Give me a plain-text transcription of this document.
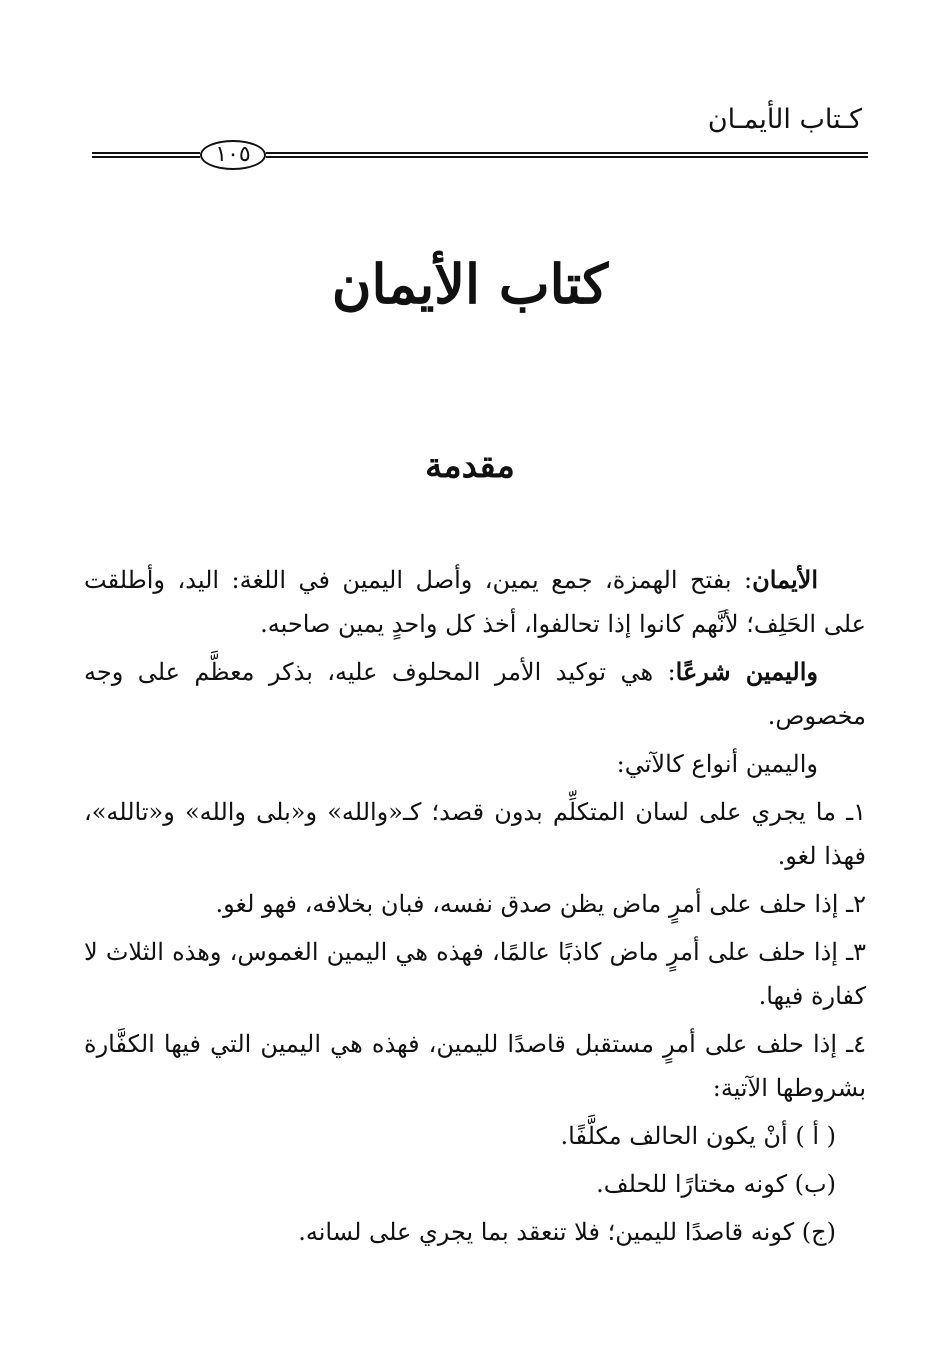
كـتاب الأيمـان
١٠٥
كتاب الأيمان
مقدمة

الأيمان: بفتح الهمزة، جمع يمين، وأصل اليمين في اللغة: اليد، وأطلقت على الحَلِف؛ لأنَّهم كانوا إذا تحالفوا، أخذ كل واحدٍ يمين صاحبه.

واليمين شرعًا: هي توكيد الأمر المحلوف عليه، بذكر معظَّم على وجه مخصوص.

واليمين أنواع كالآتي:

١ـ ما يجري على لسان المتكلِّم بدون قصد؛ كـ«والله» و«بلى والله» و«تالله»، فهذا لغو.

٢ـ إذا حلف على أمرٍ ماض يظن صدق نفسه، فبان بخلافه، فهو لغو.

٣ـ إذا حلف على أمرٍ ماض كاذبًا عالمًا، فهذه هي اليمين الغموس، وهذه الثلاث لا كفارة فيها.

٤ـ إذا حلف على أمرٍ مستقبل قاصدًا لليمين، فهذه هي اليمين التي فيها الكفَّارة بشروطها الآتية:

( أ ) أنْ يكون الحالف مكلَّفًا.

(ب) كونه مختارًا للحلف.

(ج) كونه قاصدًا لليمين؛ فلا تنعقد بما يجري على لسانه.
